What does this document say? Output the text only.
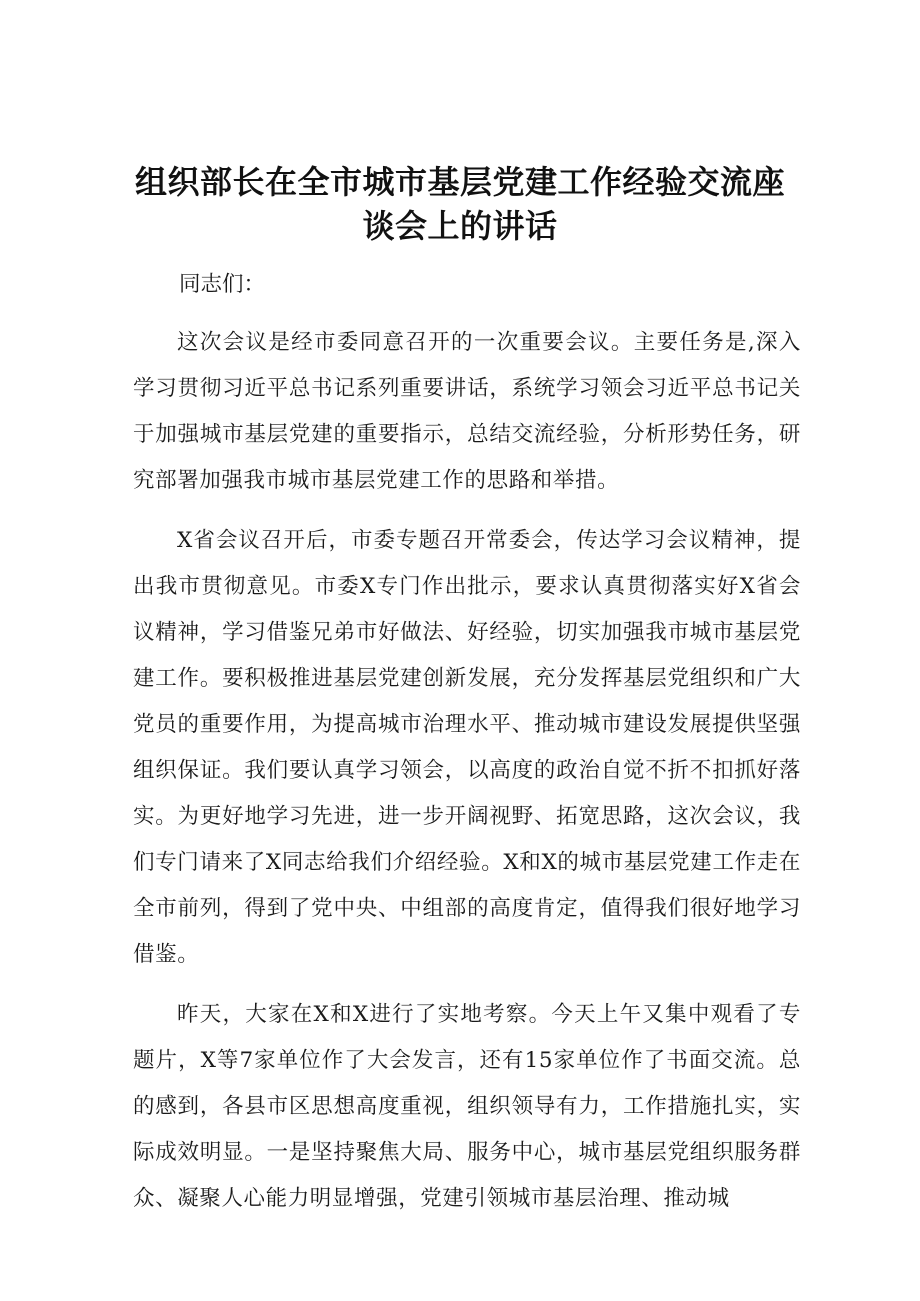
组织部长在全市城市基层党建工作经验交流座
谈会上的讲话

同志们：

这次会议是经市委同意召开的一次重要会议。主要任务是,深入学习贯彻习近平总书记系列重要讲话，系统学习领会习近平总书记关于加强城市基层党建的重要指示，总结交流经验，分析形势任务，研究部署加强我市城市基层党建工作的思路和举措。

X省会议召开后，市委专题召开常委会，传达学习会议精神，提出我市贯彻意见。市委X专门作出批示，要求认真贯彻落实好X省会议精神，学习借鉴兄弟市好做法、好经验，切实加强我市城市基层党建工作。要积极推进基层党建创新发展，充分发挥基层党组织和广大党员的重要作用，为提高城市治理水平、推动城市建设发展提供坚强组织保证。我们要认真学习领会，以高度的政治自觉不折不扣抓好落实。为更好地学习先进，进一步开阔视野、拓宽思路，这次会议，我们专门请来了X同志给我们介绍经验。X和X的城市基层党建工作走在全市前列，得到了党中央、中组部的高度肯定，值得我们很好地学习借鉴。

昨天，大家在X和X进行了实地考察。今天上午又集中观看了专题片，X等7家单位作了大会发言，还有15家单位作了书面交流。总的感到，各县市区思想高度重视，组织领导有力，工作措施扎实，实际成效明显。一是坚持聚焦大局、服务中心，城市基层党组织服务群众、凝聚人心能力明显增强，党建引领城市基层治理、推动城
